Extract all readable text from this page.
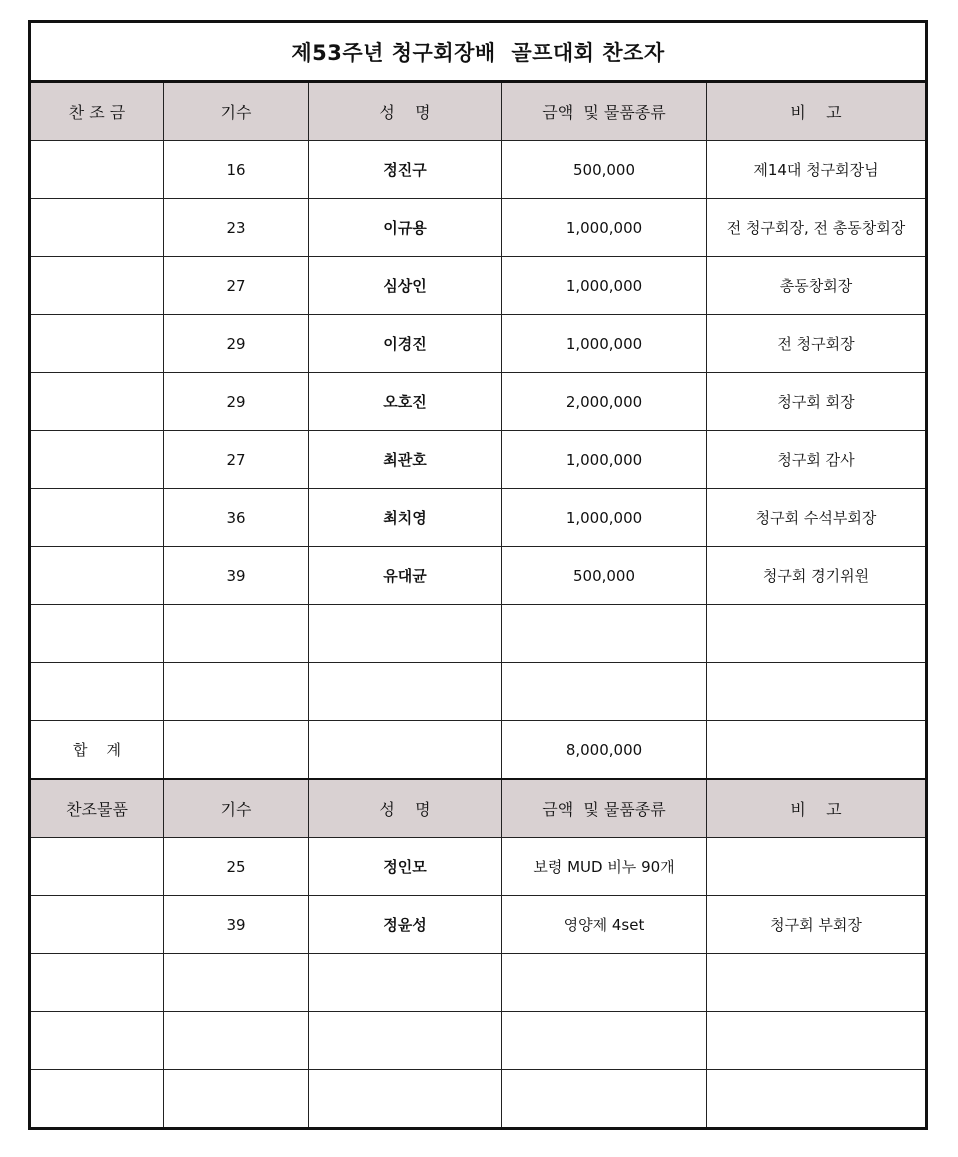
제53주년 청구회장배  골프대회 찬조자				
찬 조 금	기수	성    명	금액  및 물품종류	비    고
	16	정진구	500,000	제14대 청구회장님
	23	이규용	1,000,000	전 청구회장, 전 총동창회장
	27	심상인	1,000,000	총동창회장
	29	이경진	1,000,000	전 청구회장
	29	오호진	2,000,000	청구회 회장
	27	최관호	1,000,000	청구회 감사
	36	최치영	1,000,000	청구회 수석부회장
	39	유대균	500,000	청구회 경기위원

합    계			8,000,000	
찬조물품	기수	성    명	금액  및 물품종류	비    고
	25	정인모	보령 MUD 비누 90개	
	39	정윤성	영양제 4set	청구회 부회장
